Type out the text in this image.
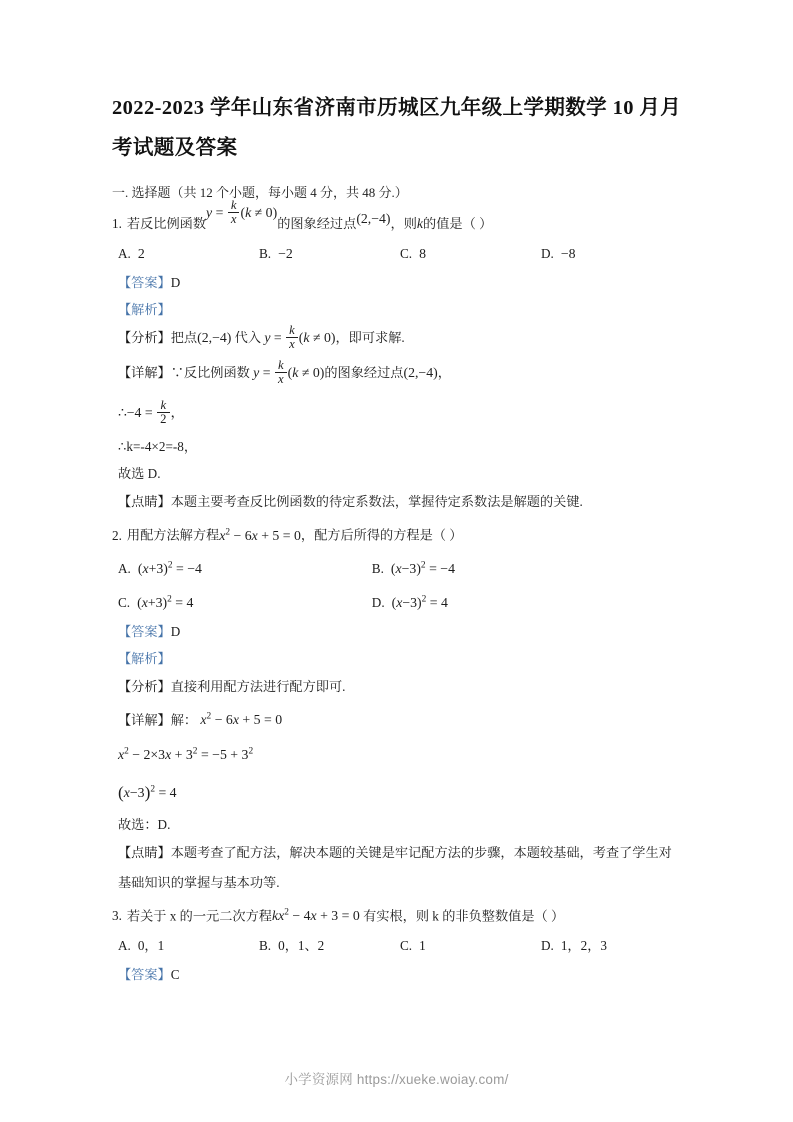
2022-2023 学年山东省济南市历城区九年级上学期数学 10 月月考试题及答案
一. 选择题（共 12 个小题，每小题 4 分，共 48 分.）
1. 若反比例函数$y = \frac{k}{x} (k \ne 0)$的图象经过点(2,−4)，则k的值是（ ）
A. 2	B. −2	C. 8	D. −8
【答案】D
【解析】
【分析】把点(2,−4) 代入 $y = \frac{k}{x} (k \ne 0)$，即可求解.
【详解】∵反比例函数 $y = \frac{k}{x} (k \ne 0)$的图象经过点(2,−4)，
∴−4 = $\frac{k}{2}$ ，
∴k=-4×2=-8，
故选 D.
【点睛】本题主要考查反比例函数的待定系数法，掌握待定系数法是解题的关键.
2. 用配方法解方程$x^2 - 6x + 5 = 0$，配方后所得的方程是（ ）
A. $(x+3)^2 = -4$	B. $(x-3)^2 = -4$
C. $(x+3)^2 = 4$	D. $(x-3)^2 = 4$
【答案】D
【解析】
【分析】直接利用配方法进行配方即可.
【详解】解： $x^2 - 6x + 5 = 0$
$x^2 - 2\times 3x + 3^2 = -5 + 3^2$
$(x-3)^2 = 4$
故选：D.
【点睛】本题考查了配方法，解决本题的关键是牢记配方法的步骤，本题较基础，考查了学生对基础知识的掌握与基本功等.
3. 若关于 x 的一元二次方程$kx^2 - 4x + 3 = 0$ 有实根，则 k 的非负整数值是（ ）
A. 0，1	B. 0，1、2	C. 1	D. 1，2，3
【答案】C
小学资源网 https://xueke.woiay.com/
